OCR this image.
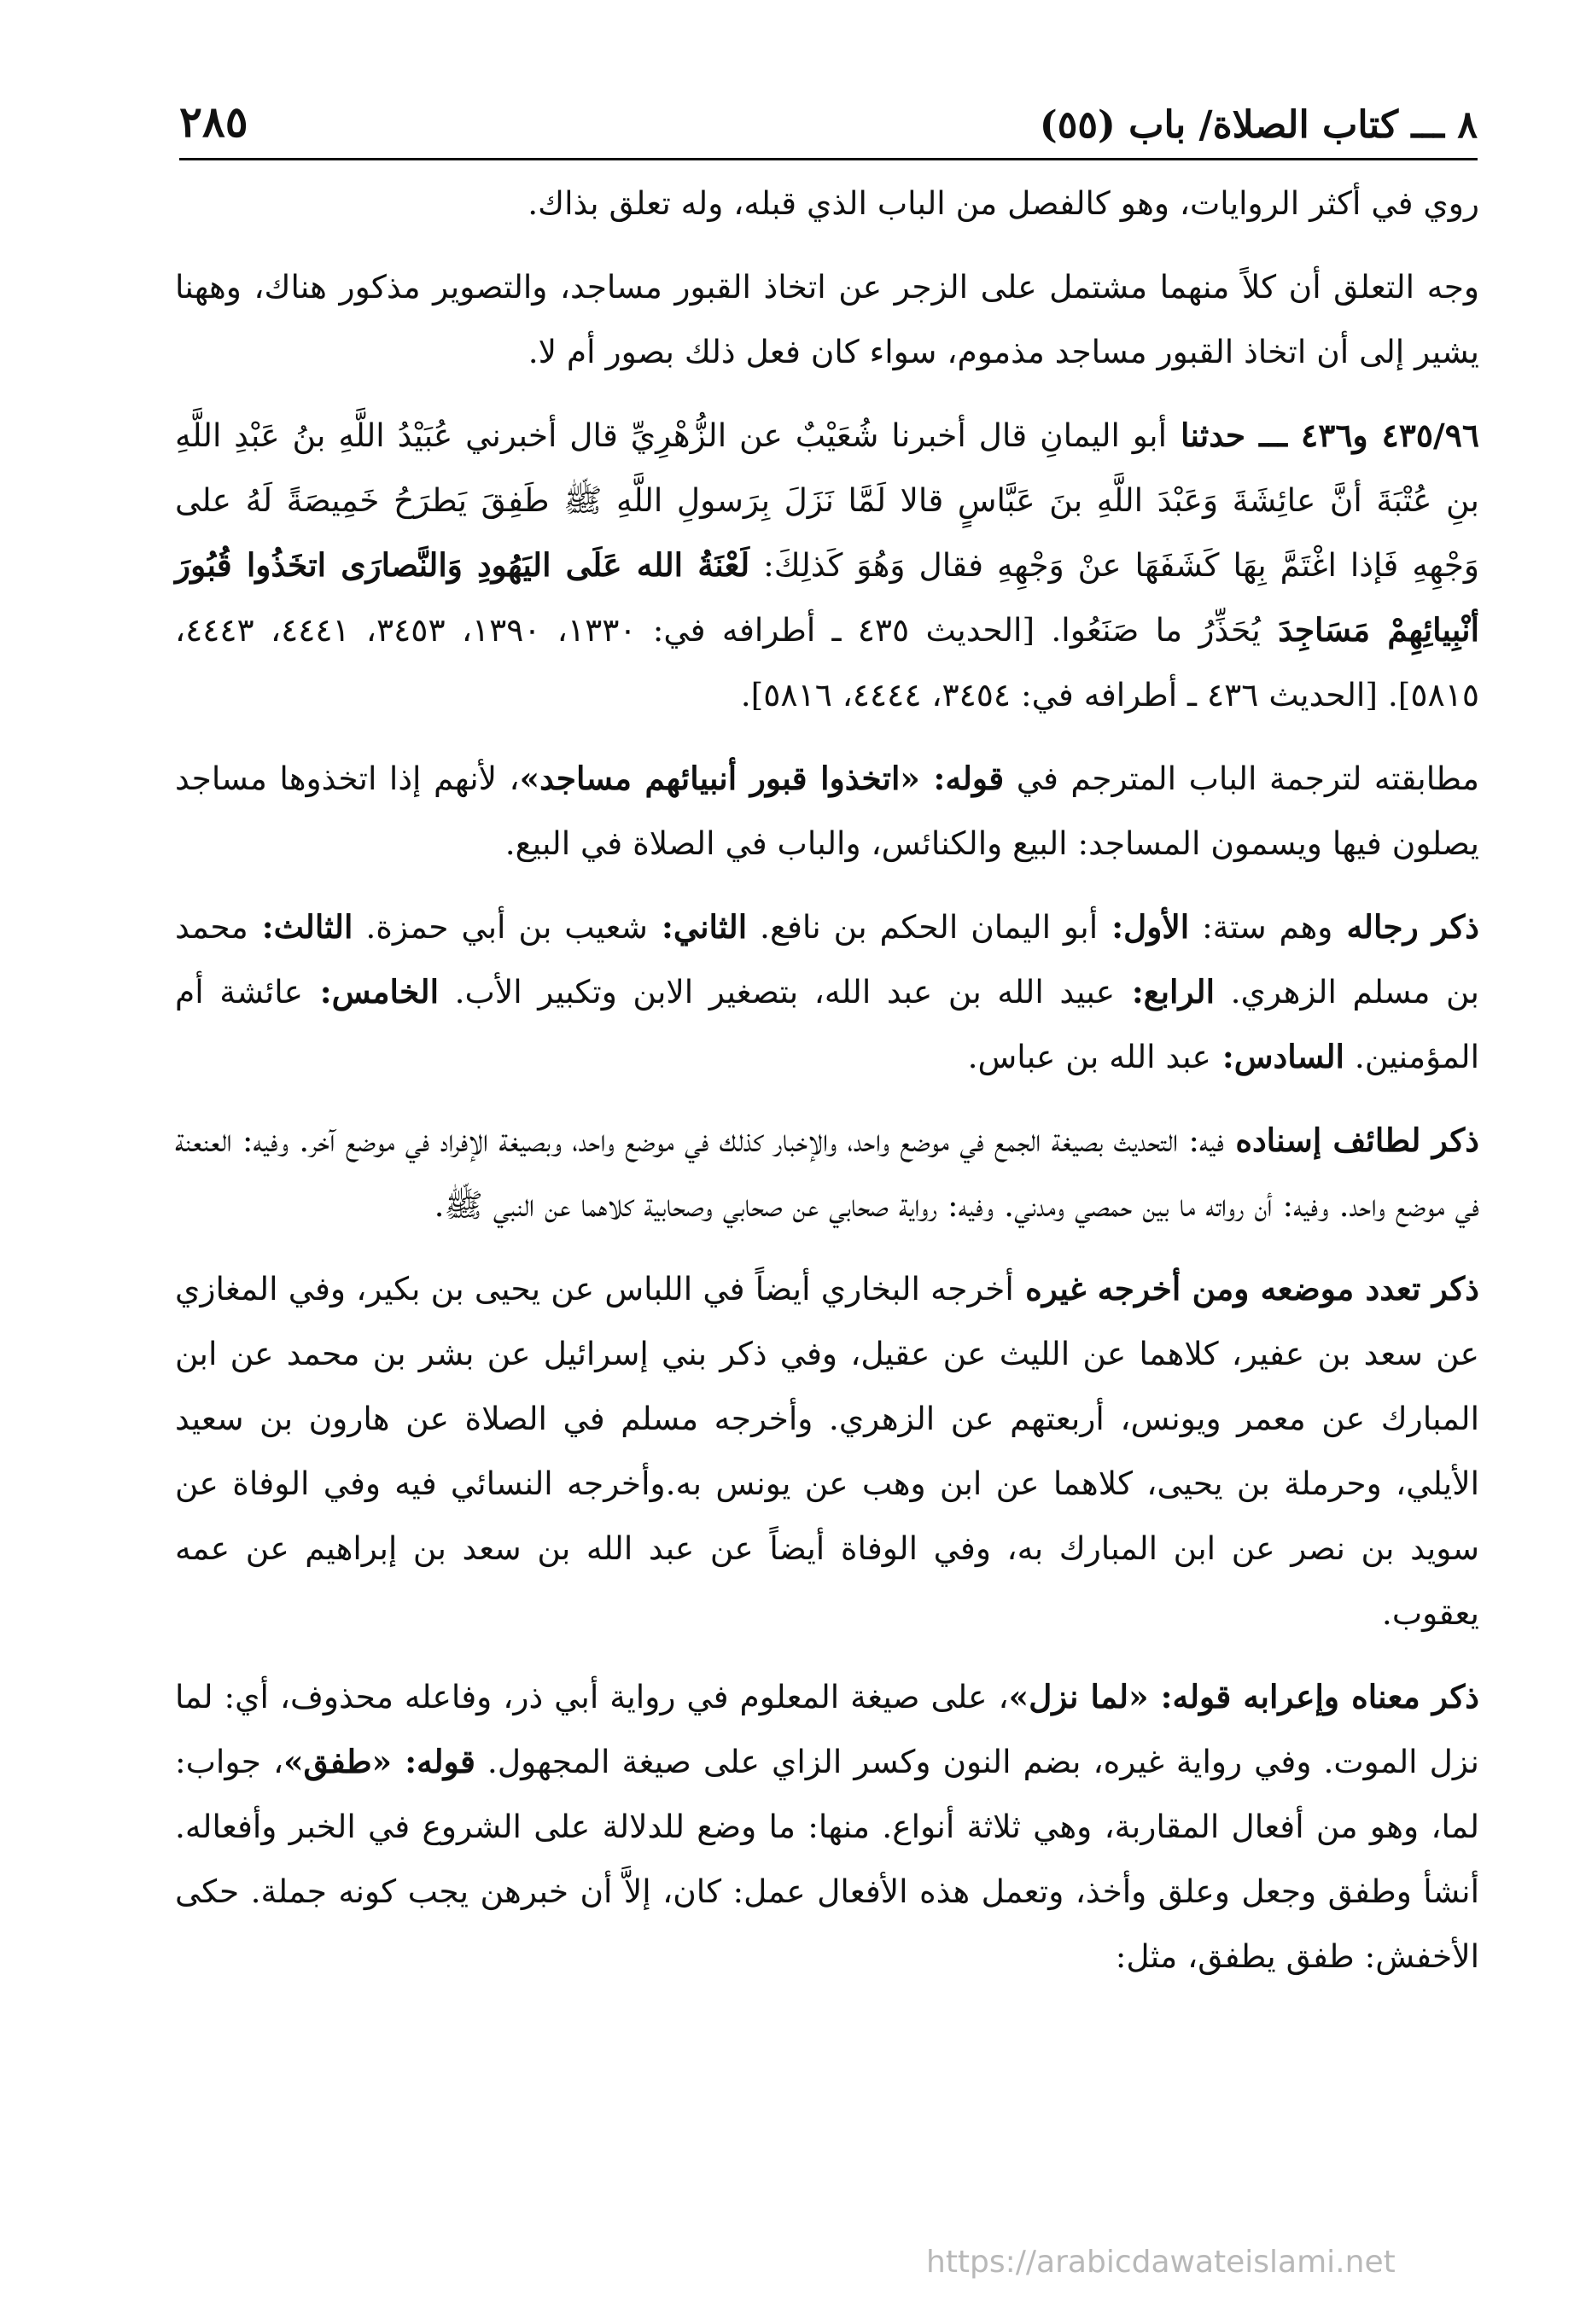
٨ ـــ كتاب الصلاة/ باب (٥٥)
٢٨٥

روي في أكثر الروايات، وهو كالفصل من الباب الذي قبله، وله تعلق بذاك.

وجه التعلق أن كلاً منهما مشتمل على الزجر عن اتخاذ القبور مساجد، والتصوير مذكور هناك، وههنا يشير إلى أن اتخاذ القبور مساجد مذموم، سواء كان فعل ذلك بصور أم لا.

٤٣٥/٩٦ و٤٣٦ ـــ حدثنا أبو اليمانِ قال أخبرنا شُعَيْبٌ عن الزُّهْرِيِّ قال أخبرني عُبَيْدُ اللَّهِ بنُ عَبْدِ اللَّهِ بنِ عُتْبَةَ أنَّ عائِشَةَ وَعَبْدَ اللَّهِ بنَ عَبَّاسٍ قالا لَمَّا نَزَلَ بِرَسولِ اللَّهِ ﷺ طَفِقَ يَطرَحُ خَمِيصَةً لَهُ على وَجْهِهِ فَإذا اغْتَمَّ بِهَا كَشَفَهَا عنْ وَجْهِهِ فقال وَهُوَ كَذلِكَ: لَعْنَةُ الله عَلَى اليَهُودِ وَالنَّصارَى اتخَذُوا قُبُورَ أنْبِيائِهِمْ مَسَاجِدَ يُحَذِّرُ ما صَنَعُوا. [الحديث ٤٣٥ ـ أطرافه في: ١٣٣٠، ١٣٩٠، ٣٤٥٣، ٤٤٤١، ٤٤٤٣، ٥٨١٥]. [الحديث ٤٣٦ ـ أطرافه في: ٣٤٥٤، ٤٤٤٤، ٥٨١٦].

مطابقته لترجمة الباب المترجم في قوله: «اتخذوا قبور أنبيائهم مساجد»، لأنهم إذا اتخذوها مساجد يصلون فيها ويسمون المساجد: البيع والكنائس، والباب في الصلاة في البيع.

ذكر رجاله وهم ستة: الأول: أبو اليمان الحكم بن نافع. الثاني: شعيب بن أبي حمزة. الثالث: محمد بن مسلم الزهري. الرابع: عبيد الله بن عبد الله، بتصغير الابن وتكبير الأب. الخامس: عائشة أم المؤمنين. السادس: عبد الله بن عباس.

ذكر لطائف إسناده فيه: التحديث بصيغة الجمع في موضع واحد، والإخبار كذلك في موضع واحد، وبصيغة الإفراد في موضع آخر. وفيه: العنعنة في موضع واحد. وفيه: أن رواته ما بين حمصي ومدني. وفيه: رواية صحابي عن صحابي وصحابية كلاهما عن النبي ﷺ.

ذكر تعدد موضعه ومن أخرجه غيره أخرجه البخاري أيضاً في اللباس عن يحيى بن بكير، وفي المغازي عن سعد بن عفير، كلاهما عن الليث عن عقيل، وفي ذكر بني إسرائيل عن بشر بن محمد عن ابن المبارك عن معمر ويونس، أربعتهم عن الزهري. وأخرجه مسلم في الصلاة عن هارون بن سعيد الأيلي، وحرملة بن يحيى، كلاهما عن ابن وهب عن يونس به.وأخرجه النسائي فيه وفي الوفاة عن سويد بن نصر عن ابن المبارك به، وفي الوفاة أيضاً عن عبد الله بن سعد بن إبراهيم عن عمه يعقوب.

ذكر معناه وإعرابه قوله: «لما نزل»، على صيغة المعلوم في رواية أبي ذر، وفاعله محذوف، أي: لما نزل الموت. وفي رواية غيره، بضم النون وكسر الزاي على صيغة المجهول. قوله: «طفق»، جواب: لما، وهو من أفعال المقاربة، وهي ثلاثة أنواع. منها: ما وضع للدلالة على الشروع في الخبر وأفعاله. أنشأ وطفق وجعل وعلق وأخذ، وتعمل هذه الأفعال عمل: كان، إلاَّ أن خبرهن يجب كونه جملة. حكى الأخفش: طفق يطفق، مثل:

https://arabicdawateislami.net
